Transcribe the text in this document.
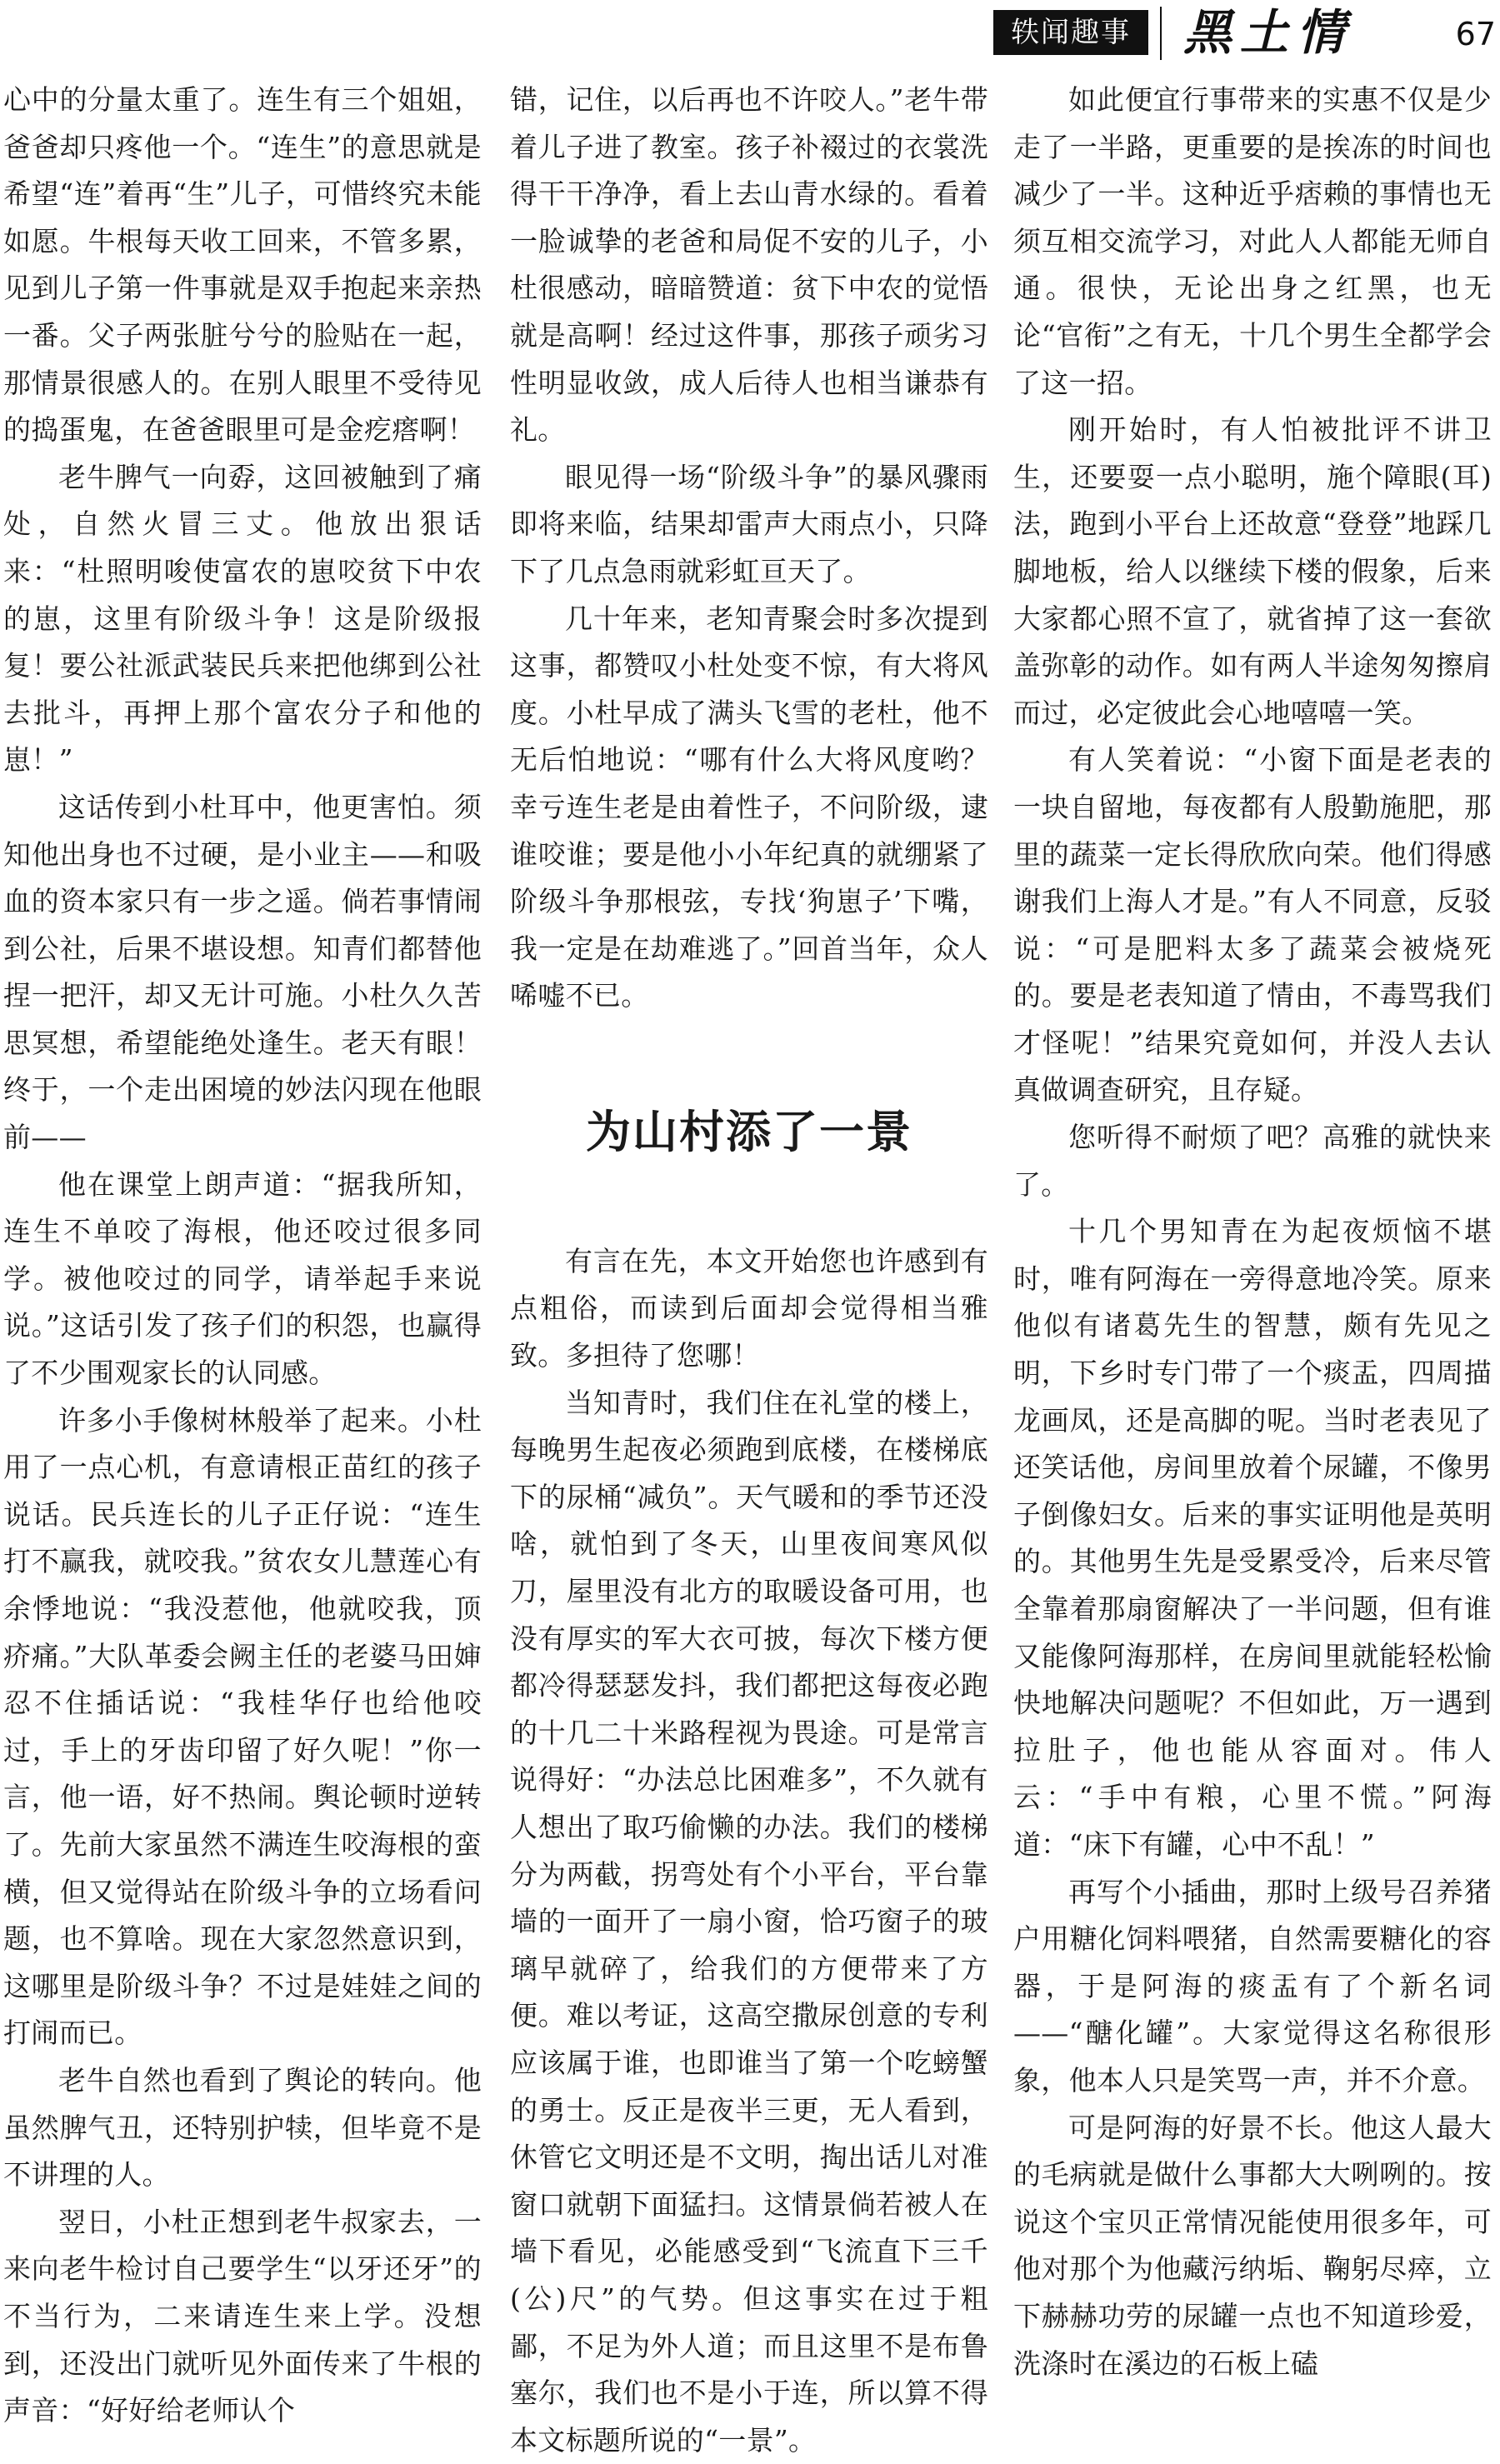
轶闻趣事	黑土情	67

心中的分量太重了。连生有三个姐姐，爸爸却只疼他一个。“连生”的意思就是希望“连”着再“生”儿子，可惜终究未能如愿。牛根每天收工回来，不管多累，见到儿子第一件事就是双手抱起来亲热一番。父子两张脏兮兮的脸贴在一起，那情景很感人的。在别人眼里不受待见的捣蛋鬼，在爸爸眼里可是金疙瘩啊！

老牛脾气一向孬，这回被触到了痛处，自然火冒三丈。他放出狠话来：“杜照明唆使富农的崽咬贫下中农的崽，这里有阶级斗争！这是阶级报复！要公社派武装民兵来把他绑到公社去批斗，再押上那个富农分子和他的崽！”

这话传到小杜耳中，他更害怕。须知他出身也不过硬，是小业主——和吸血的资本家只有一步之遥。倘若事情闹到公社，后果不堪设想。知青们都替他捏一把汗，却又无计可施。小杜久久苦思冥想，希望能绝处逢生。老天有眼！终于，一个走出困境的妙法闪现在他眼前——

他在课堂上朗声道：“据我所知，连生不单咬了海根，他还咬过很多同学。被他咬过的同学，请举起手来说说。”这话引发了孩子们的积怨，也赢得了不少围观家长的认同感。

许多小手像树林般举了起来。小杜用了一点心机，有意请根正苗红的孩子说话。民兵连长的儿子正仔说：“连生打不赢我，就咬我。”贫农女儿慧莲心有余悸地说：“我没惹他，他就咬我，顶疥痛。”大队革委会阙主任的老婆马田婶忍不住插话说：“我桂华仔也给他咬过，手上的牙齿印留了好久呢！”你一言，他一语，好不热闹。舆论顿时逆转了。先前大家虽然不满连生咬海根的蛮横，但又觉得站在阶级斗争的立场看问题，也不算啥。现在大家忽然意识到，这哪里是阶级斗争？不过是娃娃之间的打闹而已。

老牛自然也看到了舆论的转向。他虽然脾气丑，还特别护犊，但毕竟不是不讲理的人。

翌日，小杜正想到老牛叔家去，一来向老牛检讨自己要学生“以牙还牙”的不当行为，二来请连生来上学。没想到，还没出门就听见外面传来了牛根的声音：“好好给老师认个

错，记住，以后再也不许咬人。”老牛带着儿子进了教室。孩子补裰过的衣裳洗得干干净净，看上去山青水绿的。看着一脸诚挚的老爸和局促不安的儿子，小杜很感动，暗暗赞道：贫下中农的觉悟就是高啊！经过这件事，那孩子顽劣习性明显收敛，成人后待人也相当谦恭有礼。

眼见得一场“阶级斗争”的暴风骤雨即将来临，结果却雷声大雨点小，只降下了几点急雨就彩虹亘天了。

几十年来，老知青聚会时多次提到这事，都赞叹小杜处变不惊，有大将风度。小杜早成了满头飞雪的老杜，他不无后怕地说：“哪有什么大将风度哟？幸亏连生老是由着性子，不问阶级，逮谁咬谁；要是他小小年纪真的就绷紧了阶级斗争那根弦，专找‘狗崽子’下嘴，我一定是在劫难逃了。”回首当年，众人唏嘘不已。

为山村添了一景

有言在先，本文开始您也许感到有点粗俗，而读到后面却会觉得相当雅致。多担待了您哪！

当知青时，我们住在礼堂的楼上，每晚男生起夜必须跑到底楼，在楼梯底下的尿桶“减负”。天气暖和的季节还没啥，就怕到了冬天，山里夜间寒风似刀，屋里没有北方的取暖设备可用，也没有厚实的军大衣可披，每次下楼方便都冷得瑟瑟发抖，我们都把这每夜必跑的十几二十米路程视为畏途。可是常言说得好：“办法总比困难多”，不久就有人想出了取巧偷懒的办法。我们的楼梯分为两截，拐弯处有个小平台，平台靠墙的一面开了一扇小窗，恰巧窗子的玻璃早就碎了，给我们的方便带来了方便。难以考证，这高空撒尿创意的专利应该属于谁，也即谁当了第一个吃螃蟹的勇士。反正是夜半三更，无人看到，休管它文明还是不文明，掏出话儿对准窗口就朝下面猛扫。这情景倘若被人在墙下看见，必能感受到“飞流直下三千(公)尺”的气势。但这事实在过于粗鄙，不足为外人道；而且这里不是布鲁塞尔，我们也不是小于连，所以算不得本文标题所说的“一景”。

如此便宜行事带来的实惠不仅是少走了一半路，更重要的是挨冻的时间也减少了一半。这种近乎痞赖的事情也无须互相交流学习，对此人人都能无师自通。很快，无论出身之红黑，也无论“官衔”之有无，十几个男生全都学会了这一招。

刚开始时，有人怕被批评不讲卫生，还要耍一点小聪明，施个障眼(耳)法，跑到小平台上还故意“登登”地踩几脚地板，给人以继续下楼的假象，后来大家都心照不宣了，就省掉了这一套欲盖弥彰的动作。如有两人半途匆匆擦肩而过，必定彼此会心地嘻嘻一笑。

有人笑着说：“小窗下面是老表的一块自留地，每夜都有人殷勤施肥，那里的蔬菜一定长得欣欣向荣。他们得感谢我们上海人才是。”有人不同意，反驳说：“可是肥料太多了蔬菜会被烧死的。要是老表知道了情由，不毒骂我们才怪呢！”结果究竟如何，并没人去认真做调查研究，且存疑。

您听得不耐烦了吧？高雅的就快来了。

十几个男知青在为起夜烦恼不堪时，唯有阿海在一旁得意地冷笑。原来他似有诸葛先生的智慧，颇有先见之明，下乡时专门带了一个痰盂，四周描龙画凤，还是高脚的呢。当时老表见了还笑话他，房间里放着个尿罐，不像男子倒像妇女。后来的事实证明他是英明的。其他男生先是受累受冷，后来尽管全靠着那扇窗解决了一半问题，但有谁又能像阿海那样，在房间里就能轻松愉快地解决问题呢？不但如此，万一遇到拉肚子，他也能从容面对。伟人云：“手中有粮，心里不慌。”阿海道：“床下有罐，心中不乱！”

再写个小插曲，那时上级号召养猪户用糖化饲料喂猪，自然需要糖化的容器，于是阿海的痰盂有了个新名词——“醣化罐”。大家觉得这名称很形象，他本人只是笑骂一声，并不介意。

可是阿海的好景不长。他这人最大的毛病就是做什么事都大大咧咧的。按说这个宝贝正常情况能使用很多年，可他对那个为他藏污纳垢、鞠躬尽瘁，立下赫赫功劳的尿罐一点也不知道珍爱，洗涤时在溪边的石板上磕
